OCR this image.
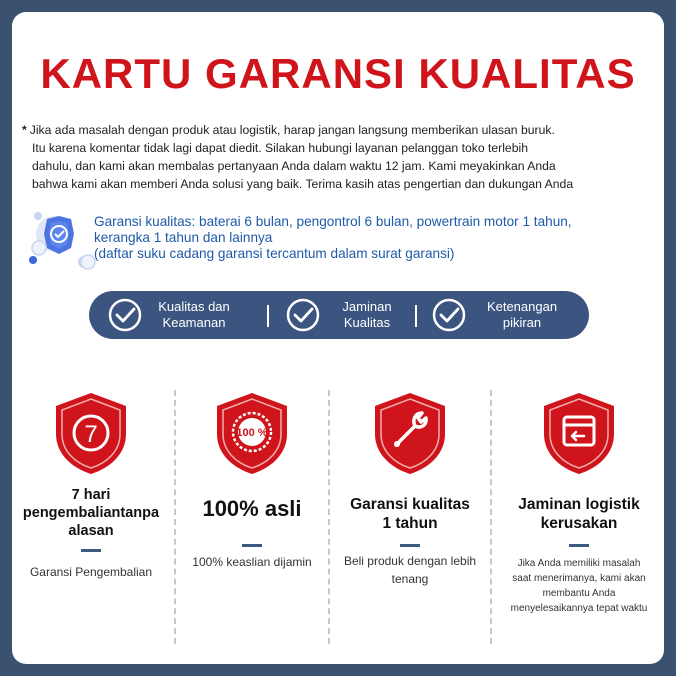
KARTU GARANSI KUALITAS

* Jika ada masalah dengan produk atau logistik, harap jangan langsung memberikan ulasan buruk.

Itu karena komentar tidak lagi dapat diedit. Silakan hubungi layanan pelanggan toko terlebih

dahulu, dan kami akan membalas pertanyaan Anda dalam waktu 12 jam. Kami meyakinkan Anda

bahwa kami akan memberi Anda solusi yang baik. Terima kasih atas pengertian dan dukungan Anda

Garansi kualitas: baterai 6 bulan, pengontrol 6 bulan, powertrain motor 1 tahun,

kerangka 1 tahun dan lainnya

(daftar suku cadang garansi tercantum dalam surat garansi)

Kualitas dan
Keamanan
Jaminan
Kualitas
Ketenangan
pikiran
7
7 hari
pengembaliantanpa
alasan
Garansi Pengembalian
100 %
100% asli
100% keaslian dijamin
Garansi kualitas
1 tahun
Beli produk dengan lebih
tenang
Jaminan logistik
kerusakan
Jika Anda memiliki masalah
saat menerimanya, kami akan
membantu Anda
menyelesaikannya tepat waktu
